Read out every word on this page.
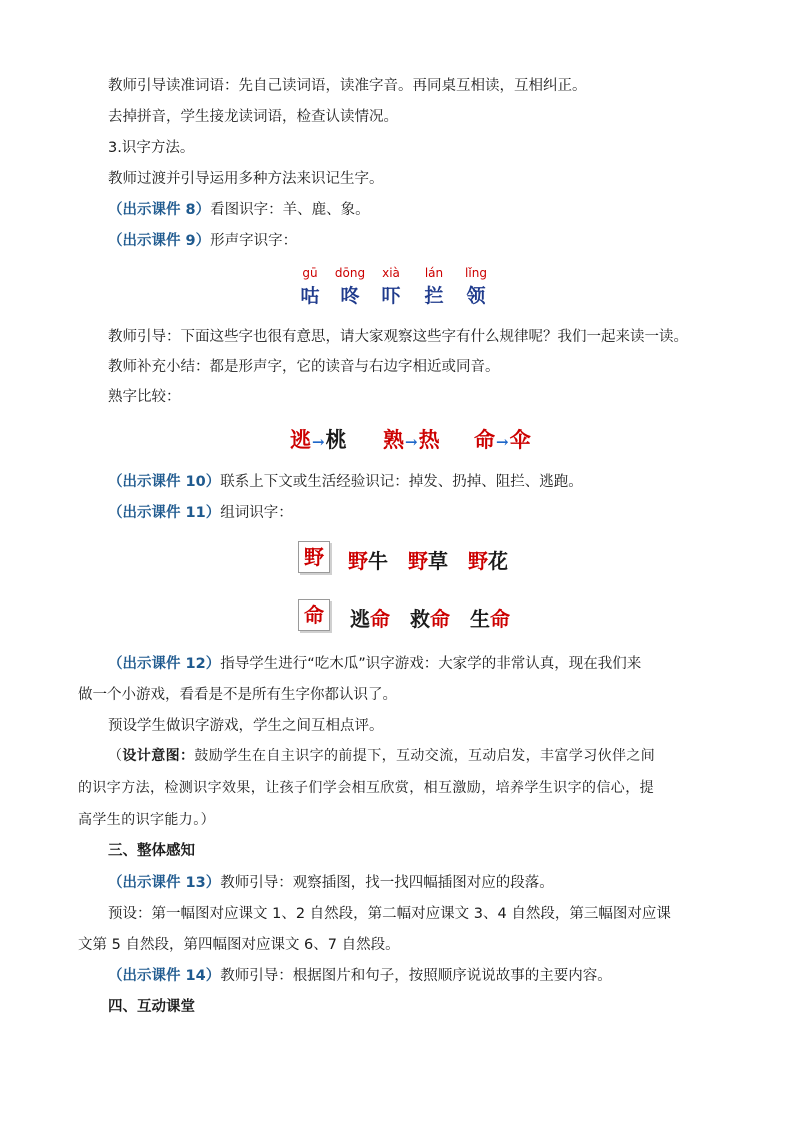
教师引导读准词语：先自己读词语，读准字音。再同桌互相读，互相纠正。
去掉拼音，学生接龙读词语，检查认读情况。
3.识字方法。
教师过渡并引导运用多种方法来识记生字。
（出示课件 8）看图识字：羊、鹿、象。
（出示课件 9）形声字识字：
gū
咕
dōng
咚
xià
吓
lán
拦
lǐng
领
教师引导：下面这些字也很有意思，请大家观察这些字有什么规律呢？我们一起来读一读。
教师补充小结：都是形声字，它的读音与右边字相近或同音。
熟字比较：
逃→桃 熟→热 命→伞
（出示课件 10）联系上下文或生活经验识记：掉发、扔掉、阻拦、逃跑。
（出示课件 11）组词识字：
野	野牛 野草 野花
命	逃命 救命 生命
（出示课件 12）指导学生进行“吃木瓜”识字游戏：大家学的非常认真，现在我们来
做一个小游戏，看看是不是所有生字你都认识了。
预设学生做识字游戏，学生之间互相点评。
（设计意图：鼓励学生在自主识字的前提下，互动交流，互动启发，丰富学习伙伴之间
的识字方法，检测识字效果，让孩子们学会相互欣赏，相互激励，培养学生识字的信心，提
高学生的识字能力。）
三、整体感知
（出示课件 13）教师引导：观察插图，找一找四幅插图对应的段落。
预设：第一幅图对应课文 1、2 自然段，第二幅对应课文 3、4 自然段，第三幅图对应课
文第 5 自然段，第四幅图对应课文 6、7 自然段。
（出示课件 14）教师引导：根据图片和句子，按照顺序说说故事的主要内容。
四、互动课堂
